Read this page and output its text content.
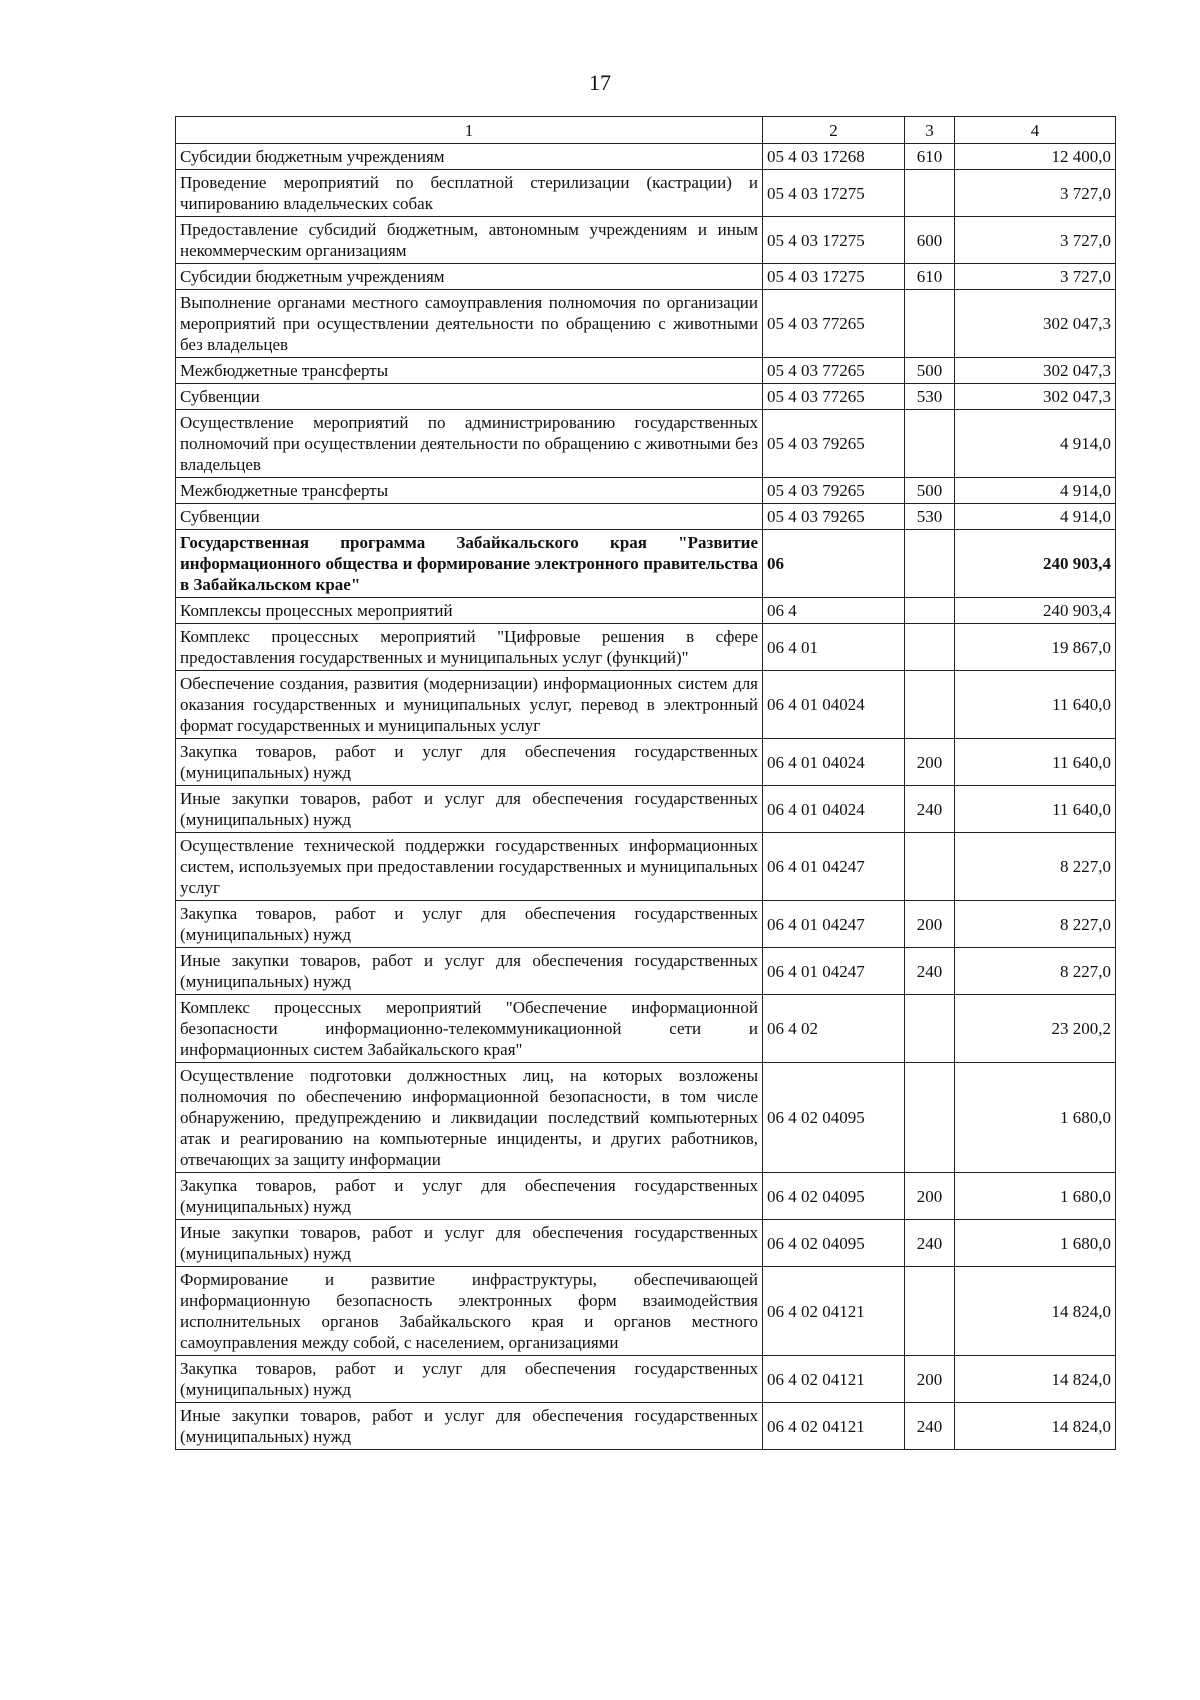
17
1	2	3	4
Субсидии бюджетным учреждениям	05 4 03 17268	610	12 400,0
Проведение мероприятий по бесплатной стерилизации (кастрации) и чипированию владельческих собак	05 4 03 17275		3 727,0
Предоставление субсидий бюджетным, автономным учреждениям и иным некоммерческим организациям	05 4 03 17275	600	3 727,0
Субсидии бюджетным учреждениям	05 4 03 17275	610	3 727,0
Выполнение органами местного самоуправления полномочия по организации мероприятий при осуществлении деятельности по обращению с животными без владельцев	05 4 03 77265		302 047,3
Межбюджетные трансферты	05 4 03 77265	500	302 047,3
Субвенции	05 4 03 77265	530	302 047,3
Осуществление мероприятий по администрированию государственных полномочий при осуществлении деятельности по обращению с животными без владельцев	05 4 03 79265		4 914,0
Межбюджетные трансферты	05 4 03 79265	500	4 914,0
Субвенции	05 4 03 79265	530	4 914,0
Государственная программа Забайкальского края "Развитие информационного общества и формирование электронного правительства в Забайкальском крае"	06		240 903,4
Комплексы процессных мероприятий	06 4		240 903,4
Комплекс процессных мероприятий "Цифровые решения в сфере предоставления государственных и муниципальных услуг (функций)"	06 4 01		19 867,0
Обеспечение создания, развития (модернизации) информационных систем для оказания государственных и муниципальных услуг, перевод в электронный формат государственных и муниципальных услуг	06 4 01 04024		11 640,0
Закупка товаров, работ и услуг для обеспечения государственных (муниципальных) нужд	06 4 01 04024	200	11 640,0
Иные закупки товаров, работ и услуг для обеспечения государственных (муниципальных) нужд	06 4 01 04024	240	11 640,0
Осуществление технической поддержки государственных информационных систем, используемых при предоставлении государственных и муниципальных услуг	06 4 01 04247		8 227,0
Закупка товаров, работ и услуг для обеспечения государственных (муниципальных) нужд	06 4 01 04247	200	8 227,0
Иные закупки товаров, работ и услуг для обеспечения государственных (муниципальных) нужд	06 4 01 04247	240	8 227,0
Комплекс процессных мероприятий "Обеспечение информационной безопасности информационно-телекоммуникационной сети и информационных систем Забайкальского края"	06 4 02		23 200,2
Осуществление подготовки должностных лиц, на которых возложены полномочия по обеспечению информационной безопасности, в том числе обнаружению, предупреждению и ликвидации последствий компьютерных атак и реагированию на компьютерные инциденты, и других работников, отвечающих за защиту информации	06 4 02 04095		1 680,0
Закупка товаров, работ и услуг для обеспечения государственных (муниципальных) нужд	06 4 02 04095	200	1 680,0
Иные закупки товаров, работ и услуг для обеспечения государственных (муниципальных) нужд	06 4 02 04095	240	1 680,0
Формирование и развитие инфраструктуры, обеспечивающей информационную безопасность электронных форм взаимодействия исполнительных органов Забайкальского края и органов местного самоуправления между собой, с населением, организациями	06 4 02 04121		14 824,0
Закупка товаров, работ и услуг для обеспечения государственных (муниципальных) нужд	06 4 02 04121	200	14 824,0
Иные закупки товаров, работ и услуг для обеспечения государственных (муниципальных) нужд	06 4 02 04121	240	14 824,0
